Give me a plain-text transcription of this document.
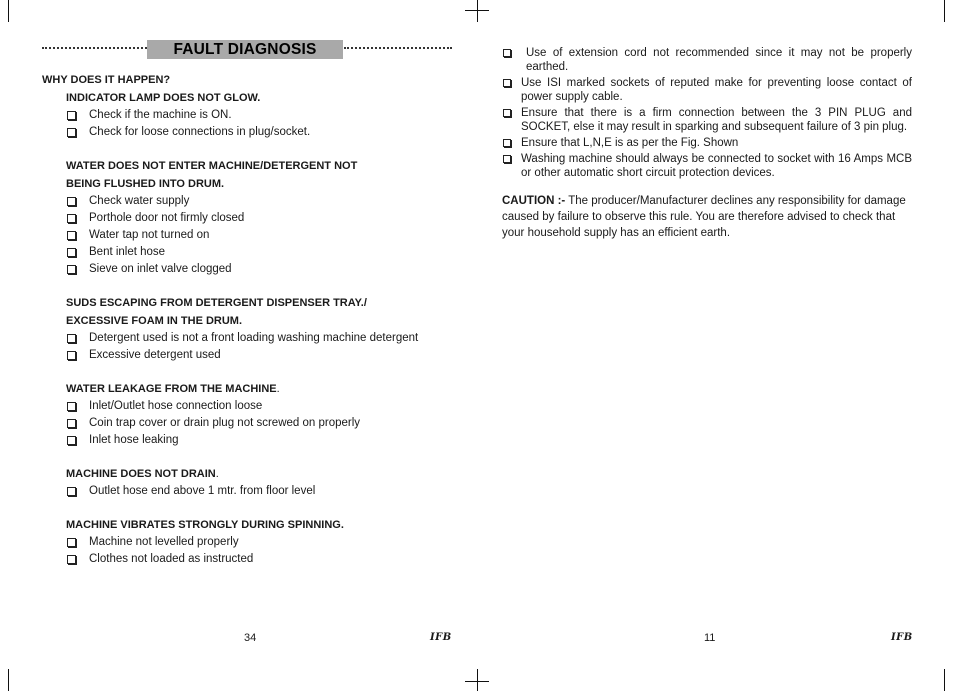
FAULT DIAGNOSIS
WHY DOES IT HAPPEN?
INDICATOR LAMP DOES NOT GLOW.
Check if the machine is ON.
Check for loose connections in plug/socket.
WATER DOES NOT ENTER MACHINE/DETERGENT NOT
BEING FLUSHED INTO DRUM.
Check water supply
Porthole door not firmly closed
Water tap not turned on
Bent inlet hose
Sieve on inlet valve clogged
SUDS ESCAPING FROM DETERGENT DISPENSER TRAY./
EXCESSIVE FOAM IN THE DRUM.
Detergent used is not a front loading washing machine detergent
Excessive detergent used
WATER LEAKAGE FROM THE MACHINE.
Inlet/Outlet hose connection loose
Coin trap cover or drain plug not screwed on properly
Inlet hose leaking
MACHINE DOES NOT DRAIN.
Outlet hose end above 1 mtr. from floor level
MACHINE VIBRATES STRONGLY DURING SPINNING.
Machine not levelled properly
Clothes not loaded as instructed
34	IFB
Use of extension cord not recommended since it may not be properly earthed.
Use ISI marked sockets of reputed make for preventing loose contact of power supply cable.
Ensure that there is a firm connection between the 3 PIN PLUG and SOCKET, else it may result in sparking and subsequent failure of 3 pin plug.
Ensure that L,N,E is as per the Fig. Shown
Washing machine should always be connected to socket with 16 Amps MCB or other automatic short circuit protection devices.
CAUTION :- The producer/Manufacturer declines any responsibility for damage caused by failure to observe this rule. You are therefore advised to check that your household supply has an efficient earth.
11	IFB
